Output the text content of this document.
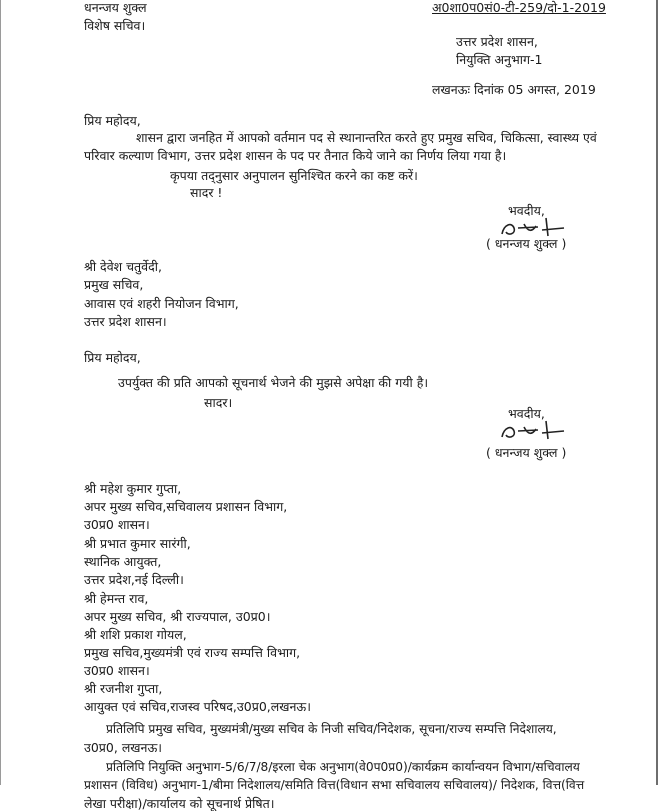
धनन्जय शुक्ल
विशेष सचिव।
अ0शा0प0सं0-टी-259/दो-1-2019
उत्तर प्रदेश शासन,
नियुक्ति अनुभाग-1
लखनऊः दिनांक 05 अगस्त, 2019
प्रिय महोदय,
शासन द्वारा जनहित में आपको वर्तमान पद से स्थानान्तरित करते हुए प्रमुख सचिव, चिकित्सा, स्वास्थ्य एवं
परिवार कल्याण विभाग, उत्तर प्रदेश शासन के पद पर तैनात किये जाने का निर्णय लिया गया है।
कृपया तद्नुसार अनुपालन सुनिश्चित करने का कष्ट करें।
सादर !
भवदीय,
( धनन्जय शुक्ल )
श्री देवेश चतुर्वेदी,
प्रमुख सचिव,
आवास एवं शहरी नियोजन विभाग,
उत्तर प्रदेश शासन।
प्रिय महोदय,
उपर्युक्त की प्रति आपको सूचनार्थ भेजने की मुझसे अपेक्षा की गयी है।
सादर।
भवदीय,
( धनन्जय शुक्ल )
श्री महेश कुमार गुप्ता,
अपर मुख्य सचिव,सचिवालय प्रशासन विभाग,
उ0प्र0 शासन।
श्री प्रभात कुमार सारंगी,
स्थानिक आयुक्त,
उत्तर प्रदेश,नई दिल्ली।
श्री हेमन्त राव,
अपर मुख्य सचिव, श्री राज्यपाल, उ0प्र0।
श्री शशि प्रकाश गोयल,
प्रमुख सचिव,मुख्यमंत्री एवं राज्य सम्पत्ति विभाग,
उ0प्र0 शासन।
श्री रजनीश गुप्ता,
आयुक्त एवं सचिव,राजस्व परिषद,उ0प्र0,लखनऊ।
प्रतिलिपि प्रमुख सचिव, मुख्यमंत्री/मुख्य सचिव के निजी सचिव/निदेशक, सूचना/राज्य सम्पत्ति निदेशालय,
उ0प्र0, लखनऊ।
प्रतिलिपि नियुक्ति अनुभाग-5/6/7/8/इरला चेक अनुभाग(वे0प0प्र0)/कार्यक्रम कार्यान्वयन विभाग/सचिवालय
प्रशासन (विविध) अनुभाग-1/बीमा निदेशालय/समिति वित्त(विधान सभा सचिवालय सचिवालय)/ निदेशक, वित्त(वित्त
लेखा परीक्षा)/कार्यालय को सूचनार्थ प्रेषित।
